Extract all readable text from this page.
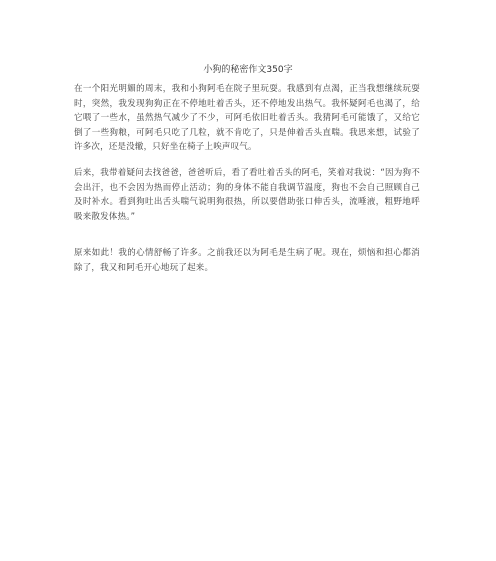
小狗的秘密作文350字

在一个阳光明媚的周末，我和小狗阿毛在院子里玩耍。我感到有点渴，正当我想继续玩耍时，突然，我发现狗狗正在不停地吐着舌头，还不停地发出热气。我怀疑阿毛也渴了，给它喂了一些水，虽然热气减少了不少，可阿毛依旧吐着舌头。我猜阿毛可能饿了，又给它倒了一些狗粮，可阿毛只吃了几粒，就不肯吃了，只是伸着舌头直喘。我思来想，试验了许多次，还是没辙，只好坐在椅子上唉声叹气。

后来，我带着疑问去找爸爸，爸爸听后，看了看吐着舌头的阿毛，笑着对我说：“因为狗不会出汗，也不会因为热而停止活动；狗的身体不能自我调节温度，狗也不会自己照顾自己及时补水。看到狗吐出舌头喘气说明狗很热，所以要借助张口伸舌头，流唾液，粗野地呼吸来散发体热。”

原来如此！我的心情舒畅了许多。之前我还以为阿毛是生病了呢。现在，烦恼和担心都消除了，我又和阿毛开心地玩了起来。
